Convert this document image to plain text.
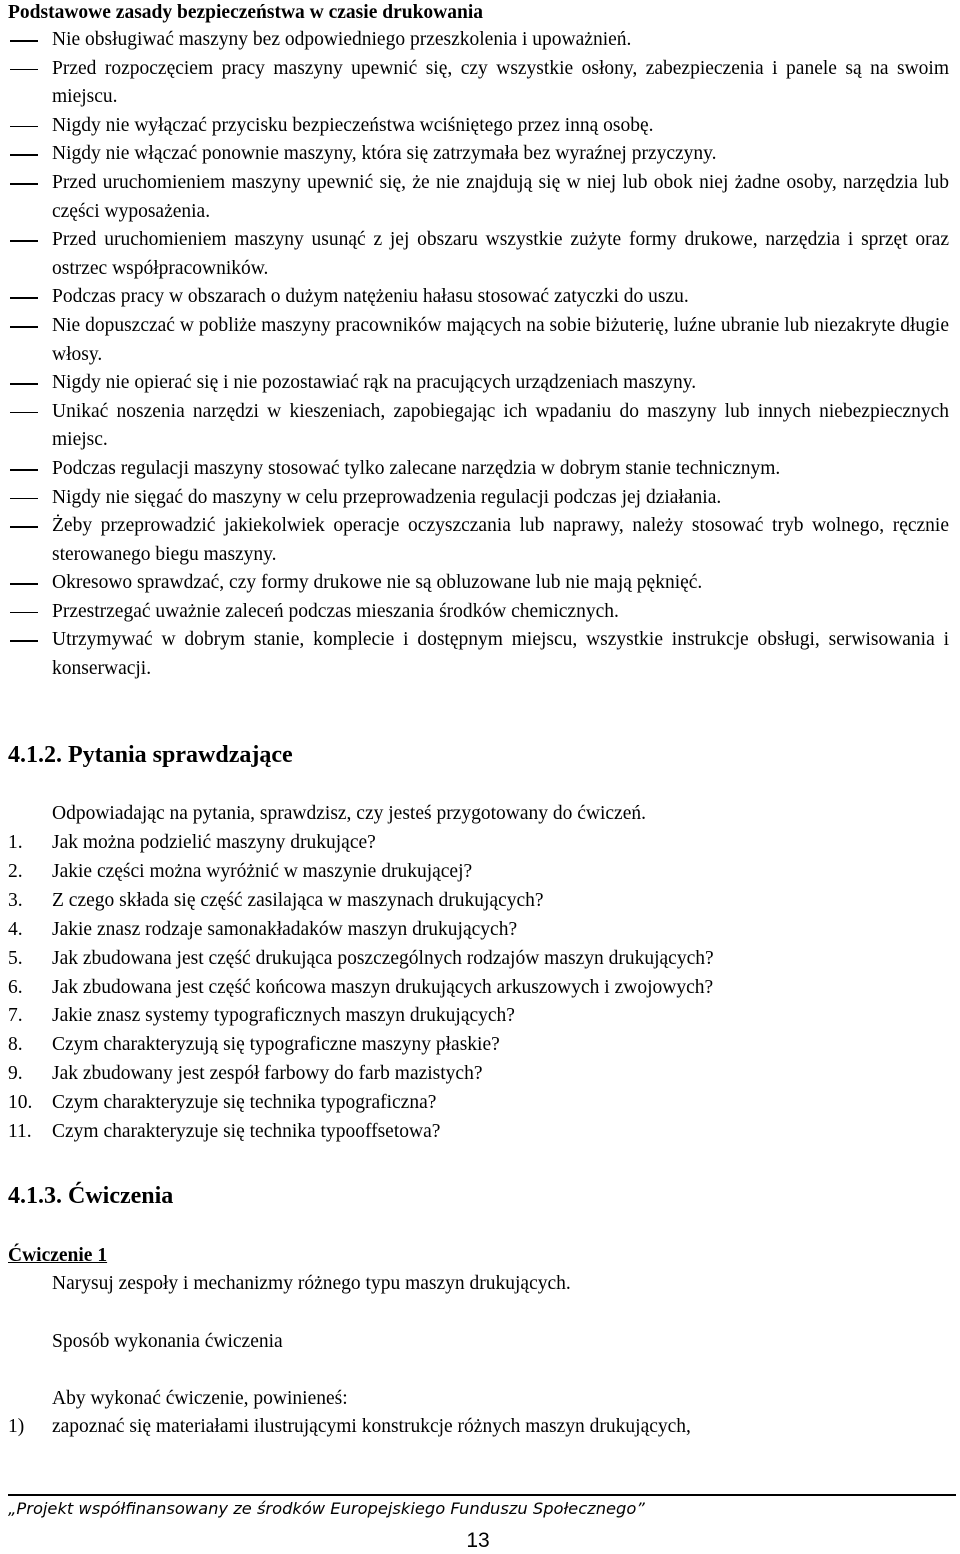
Podstawowe zasady bezpieczeństwa w czasie drukowania
Nie obsługiwać maszyny bez odpowiedniego przeszkolenia i upoważnień.
Przed rozpoczęciem pracy maszyny upewnić się, czy wszystkie osłony, zabezpieczenia i panele są na swoim miejscu.
Nigdy nie wyłączać przycisku bezpieczeństwa wciśniętego przez inną osobę.
Nigdy nie włączać ponownie maszyny, która się zatrzymała bez wyraźnej przyczyny.
Przed uruchomieniem maszyny upewnić się, że nie znajdują się w niej lub obok niej żadne osoby, narzędzia lub części wyposażenia.
Przed uruchomieniem maszyny usunąć z jej obszaru wszystkie zużyte formy drukowe, narzędzia i sprzęt oraz ostrzec współpracowników.
Podczas pracy w obszarach o dużym natężeniu hałasu stosować zatyczki do uszu.
Nie dopuszczać w pobliże maszyny pracowników mających na sobie biżuterię, luźne ubranie lub niezakryte długie włosy.
Nigdy nie opierać się i nie pozostawiać rąk na pracujących urządzeniach maszyny.
Unikać noszenia narzędzi w kieszeniach, zapobiegając ich wpadaniu do maszyny lub innych niebezpiecznych miejsc.
Podczas regulacji maszyny stosować tylko zalecane narzędzia w dobrym stanie technicznym.
Nigdy nie sięgać do maszyny w celu przeprowadzenia regulacji podczas jej działania.
Żeby przeprowadzić jakiekolwiek operacje oczyszczania lub naprawy, należy stosować tryb wolnego, ręcznie sterowanego biegu maszyny.
Okresowo sprawdzać, czy formy drukowe nie są obluzowane lub nie mają pęknięć.
Przestrzegać uważnie zaleceń podczas mieszania środków chemicznych.
Utrzymywać w dobrym stanie, komplecie i dostępnym miejscu, wszystkie instrukcje obsługi, serwisowania i konserwacji.
4.1.2. Pytania sprawdzające
Odpowiadając na pytania, sprawdzisz, czy jesteś przygotowany do ćwiczeń.
1. Jak można podzielić maszyny drukujące?
2. Jakie części można wyróżnić w maszynie drukującej?
3. Z czego składa się część zasilająca w maszynach drukujących?
4. Jakie znasz rodzaje samonakładaków maszyn drukujących?
5. Jak zbudowana jest część drukująca poszczególnych rodzajów maszyn drukujących?
6. Jak zbudowana jest część końcowa maszyn drukujących arkuszowych i zwojowych?
7. Jakie znasz systemy typograficznych maszyn drukujących?
8. Czym charakteryzują się typograficzne maszyny płaskie?
9. Jak zbudowany jest zespół farbowy do farb mazistych?
10. Czym charakteryzuje się technika typograficzna?
11. Czym charakteryzuje się technika typooffsetowa?
4.1.3. Ćwiczenia
Ćwiczenie 1
Narysuj zespoły i mechanizmy różnego typu maszyn drukujących.
Sposób wykonania ćwiczenia
Aby wykonać ćwiczenie, powinieneś:
1) zapoznać się materiałami ilustrującymi konstrukcje różnych maszyn drukujących,
„Projekt współfinansowany ze środków Europejskiego Funduszu Społecznego”
13
